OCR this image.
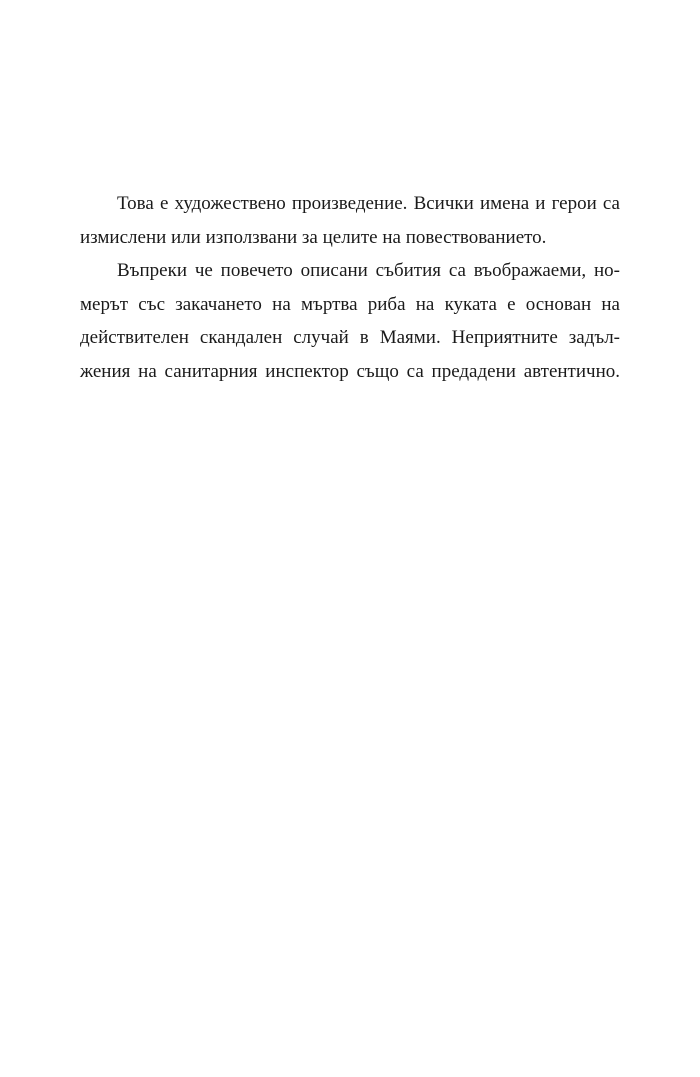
Това е художествено произведение. Всички имена и герои са
измислени или използвани за целите на повествованието.
Въпреки че повечето описани събития са въображаеми, но-
мерът със закачането на мъртва риба на куката е основан на
действителен скандален случай в Маями. Неприятните задъл-
жения на санитарния инспектор също са предадени автентично.
